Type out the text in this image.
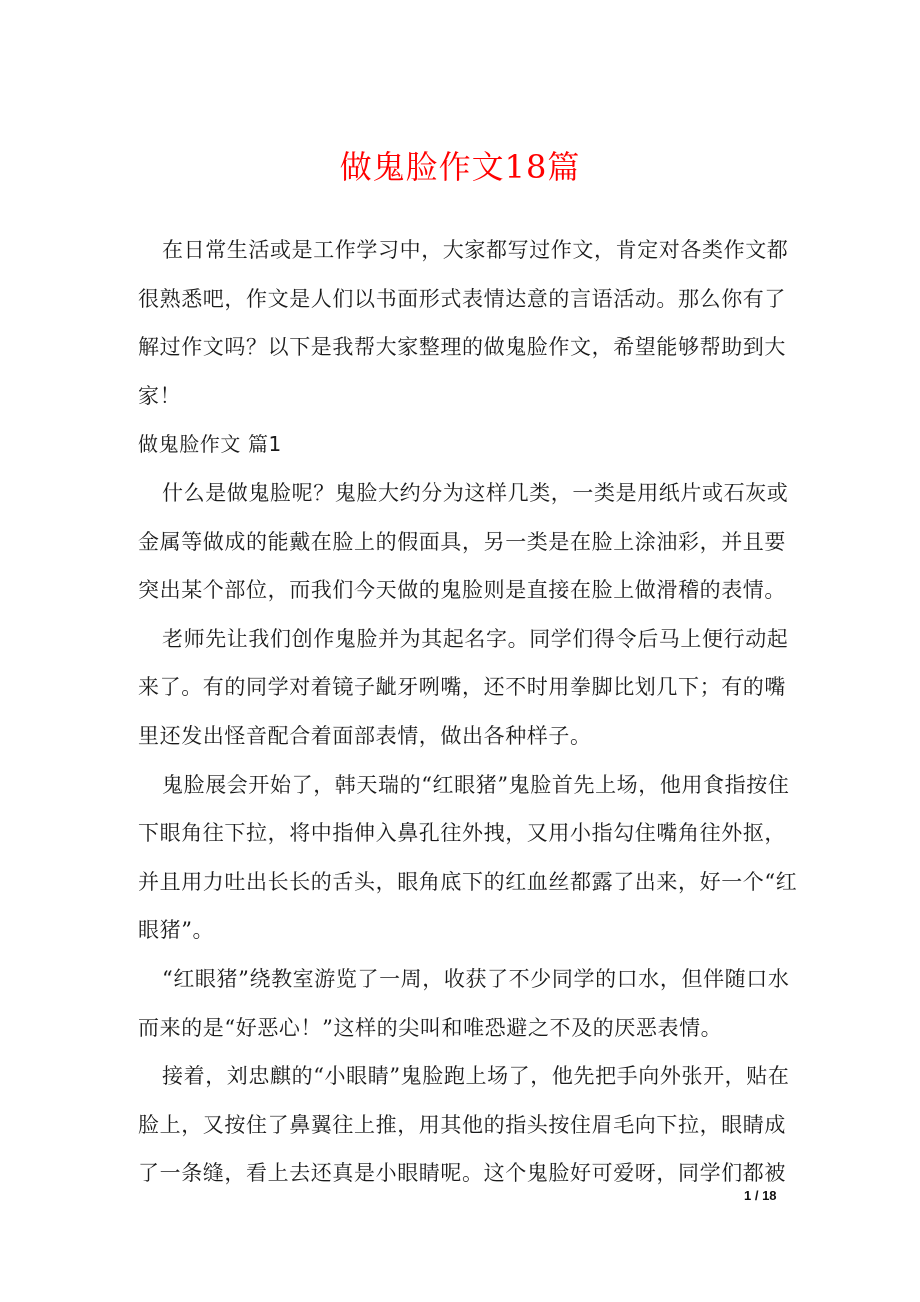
做鬼脸作文18篇
在日常生活或是工作学习中，大家都写过作文，肯定对各类作文都
很熟悉吧，作文是人们以书面形式表情达意的言语活动。那么你有了
解过作文吗？以下是我帮大家整理的做鬼脸作文，希望能够帮助到大
家！
做鬼脸作文 篇1
什么是做鬼脸呢？鬼脸大约分为这样几类，一类是用纸片或石灰或
金属等做成的能戴在脸上的假面具，另一类是在脸上涂油彩，并且要
突出某个部位，而我们今天做的鬼脸则是直接在脸上做滑稽的表情。
老师先让我们创作鬼脸并为其起名字。同学们得令后马上便行动起
来了。有的同学对着镜子龇牙咧嘴，还不时用拳脚比划几下；有的嘴
里还发出怪音配合着面部表情，做出各种样子。
鬼脸展会开始了，韩天瑞的“红眼猪”鬼脸首先上场，他用食指按住
下眼角往下拉，将中指伸入鼻孔往外拽，又用小指勾住嘴角往外抠，
并且用力吐出长长的舌头，眼角底下的红血丝都露了出来，好一个“红
眼猪”。
“红眼猪”绕教室游览了一周，收获了不少同学的口水，但伴随口水
而来的是“好恶心！”这样的尖叫和唯恐避之不及的厌恶表情。
接着，刘忠麒的“小眼睛”鬼脸跑上场了，他先把手向外张开，贴在
脸上，又按住了鼻翼往上推，用其他的指头按住眉毛向下拉，眼睛成
了一条缝，看上去还真是小眼睛呢。这个鬼脸好可爱呀，同学们都被
1 / 18
